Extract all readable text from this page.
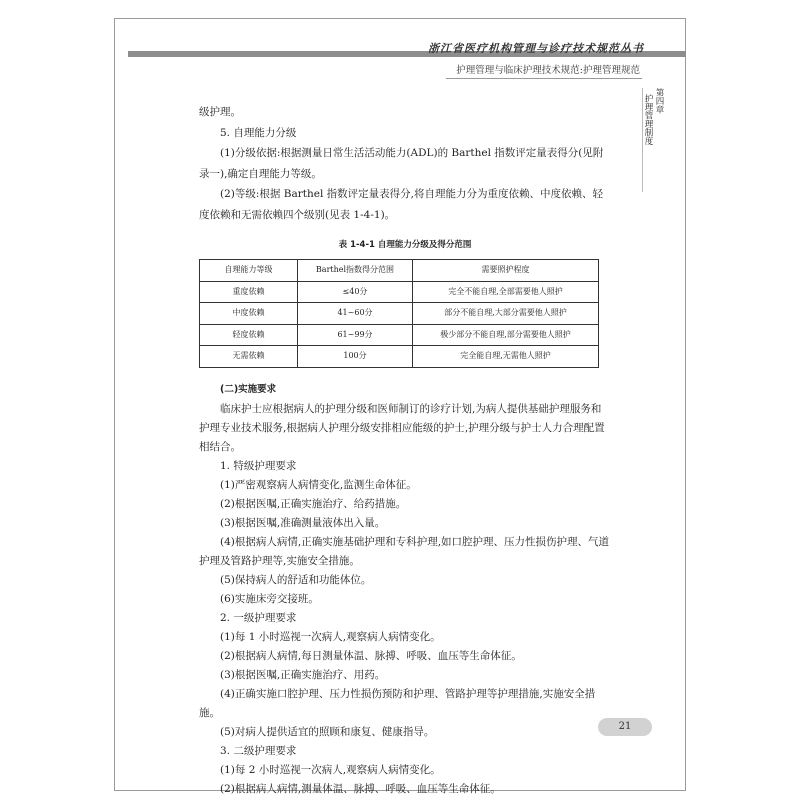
浙江省医疗机构管理与诊疗技术规范丛书
护理管理与临床护理技术规范:护理管理规范
第四章
护理管理制度

级护理。

5. 自理能力分级

(1)分级依据:根据测量日常生活活动能力(ADL)的 Barthel 指数评定量表得分(见附录一),确定自理能力等级。

(2)等级:根据 Barthel 指数评定量表得分,将自理能力分为重度依赖、中度依赖、轻度依赖和无需依赖四个级别(见表 1-4-1)。

表 1-4-1 自理能力分级及得分范围
自理能力等级	Barthel指数得分范围	需要照护程度
重度依赖	≤40分	完全不能自理,全部需要他人照护
中度依赖	41~60分	部分不能自理,大部分需要他人照护
轻度依赖	61~99分	极少部分不能自理,部分需要他人照护
无需依赖	100分	完全能自理,无需他人照护
(二)实施要求

临床护士应根据病人的护理分级和医师制订的诊疗计划,为病人提供基础护理服务和护理专业技术服务,根据病人护理分级安排相应能级的护士,护理分级与护士人力合理配置相结合。

1. 特级护理要求

(1)严密观察病人病情变化,监测生命体征。

(2)根据医嘱,正确实施治疗、给药措施。

(3)根据医嘱,准确测量液体出入量。

(4)根据病人病情,正确实施基础护理和专科护理,如口腔护理、压力性损伤护理、气道护理及管路护理等,实施安全措施。

(5)保持病人的舒适和功能体位。

(6)实施床旁交接班。

2. 一级护理要求

(1)每 1 小时巡视一次病人,观察病人病情变化。

(2)根据病人病情,每日测量体温、脉搏、呼吸、血压等生命体征。

(3)根据医嘱,正确实施治疗、用药。

(4)正确实施口腔护理、压力性损伤预防和护理、管路护理等护理措施,实施安全措施。

(5)对病人提供适宜的照顾和康复、健康指导。

3. 二级护理要求

(1)每 2 小时巡视一次病人,观察病人病情变化。

(2)根据病人病情,测量体温、脉搏、呼吸、血压等生命体征。

21
